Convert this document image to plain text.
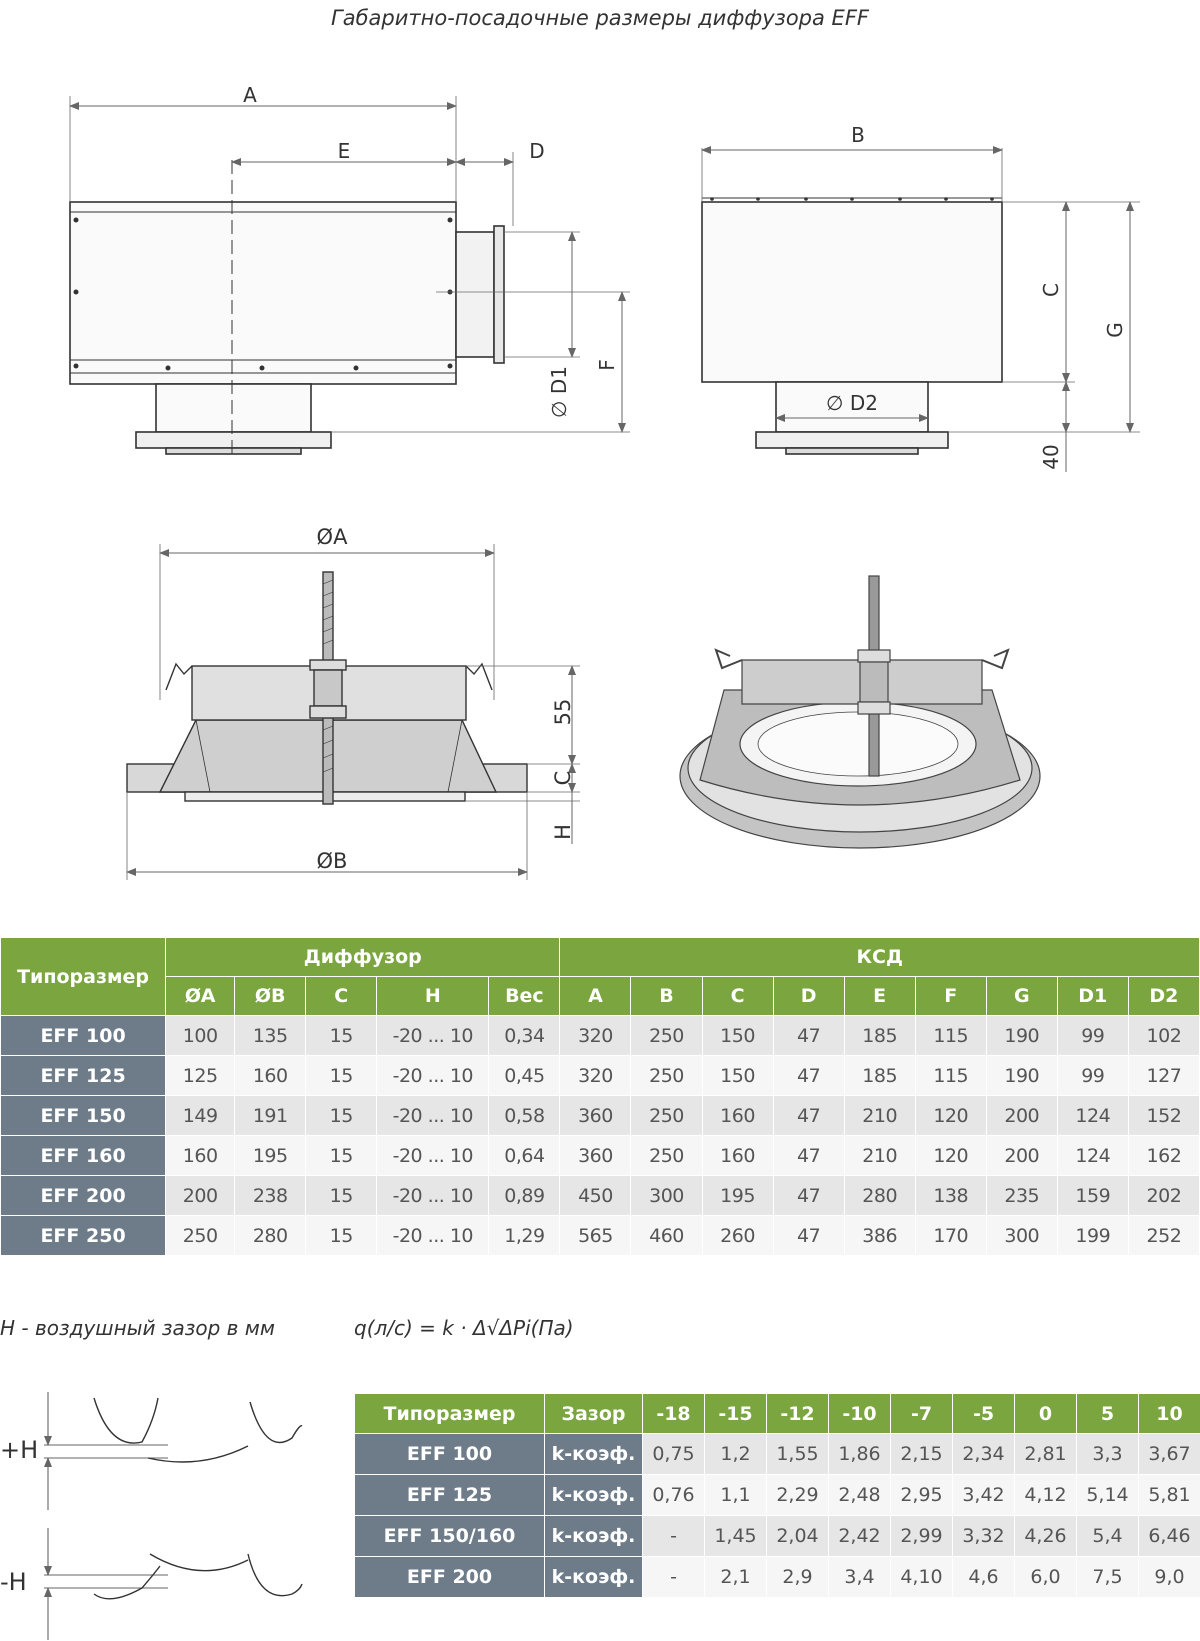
Габаритно-посадочные размеры диффузора EFF
A
E	D
∅ D1
F
B
C
G
∅ D2
40
ØA
ØB
55
C
H
+H
-H
Типоразмер	Диффузор					КСД								
	ØA	ØB	C	H	Вес	A	B	C	D	E	F	G	D1	D2
EFF 100	100	135	15	-20 ... 10	0,34	320	250	150	47	185	115	190	99	102
EFF 125	125	160	15	-20 ... 10	0,45	320	250	150	47	185	115	190	99	127
EFF 150	149	191	15	-20 ... 10	0,58	360	250	160	47	210	120	200	124	152
EFF 160	160	195	15	-20 ... 10	0,64	360	250	160	47	210	120	200	124	162
EFF 200	200	238	15	-20 ... 10	0,89	450	300	195	47	280	138	235	159	202
EFF 250	250	280	15	-20 ... 10	1,29	565	460	260	47	386	170	300	199	252
H - воздушный зазор в мм	q(л/с) = k · Δ√ΔPi(Па)
Типоразмер	Зазор	-18	-15	-12	-10	-7	-5	0	5	10
EFF 100	k-коэф.	0,75	1,2	1,55	1,86	2,15	2,34	2,81	3,3	3,67
EFF 125	k-коэф.	0,76	1,1	2,29	2,48	2,95	3,42	4,12	5,14	5,81
EFF 150/160	k-коэф.	-	1,45	2,04	2,42	2,99	3,32	4,26	5,4	6,46
EFF 200	k-коэф.	-	2,1	2,9	3,4	4,10	4,6	6,0	7,5	9,0
